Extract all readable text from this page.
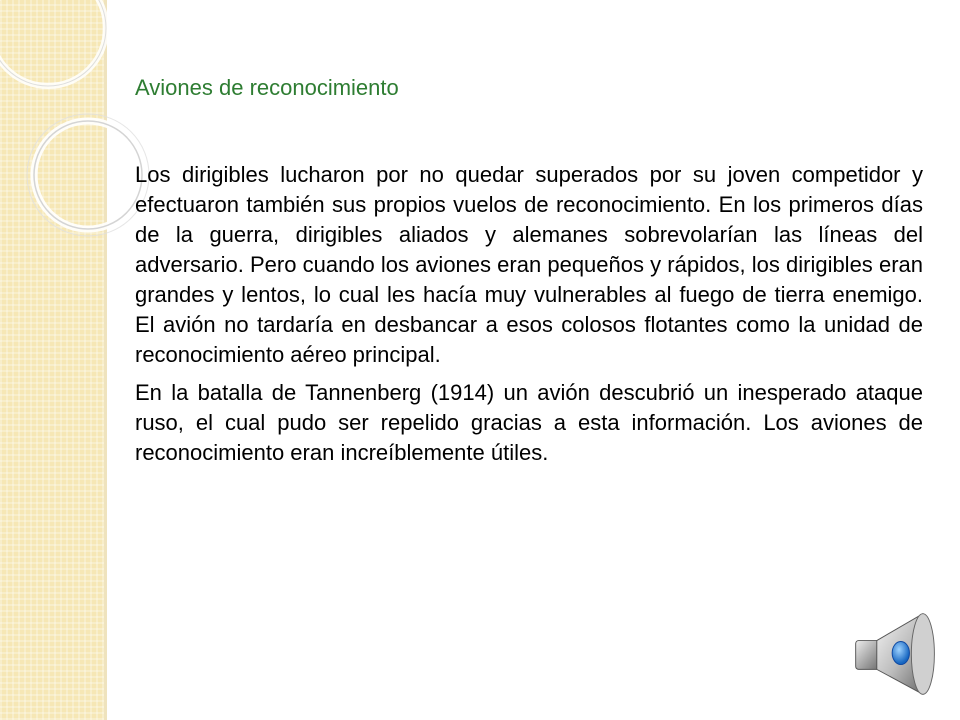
Aviones de reconocimiento

Los dirigibles lucharon por no quedar superados por su joven competidor y efectuaron también sus propios vuelos de reconocimiento. En los primeros días de la guerra, dirigibles aliados y alemanes sobrevolarían las líneas del adversario. Pero cuando los aviones eran pequeños y rápidos, los dirigibles eran grandes y lentos, lo cual les hacía muy vulnerables al fuego de tierra enemigo. El avión no tardaría en desbancar a esos colosos flotantes como la unidad de reconocimiento aéreo principal.

En la batalla de Tannenberg (1914) un avión descubrió un inesperado ataque ruso, el cual pudo ser repelido gracias a esta información. Los aviones de reconocimiento eran increíblemente útiles.
